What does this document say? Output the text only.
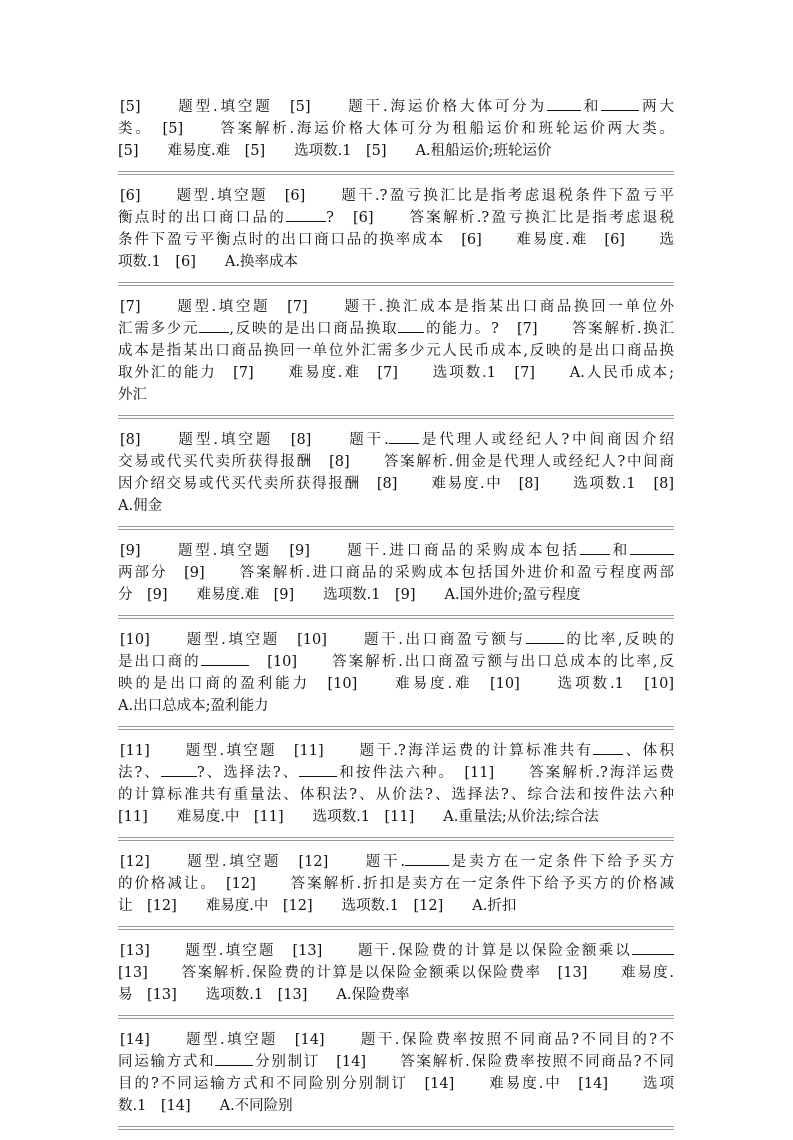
[5]　　题型.填空题　[5]　　题干.海运价格大体可分为 和	两大
类。　[5]　　答案解析.海运价格大体可分为租船运价和班轮运价两大类。
[5]　　难易度.难　[5]　　选项数.1　[5]　　A.租船运价;班轮运价
[6]　　题型.填空题　[6]　　题干.?盈亏换汇比是指考虑退税条件下盈亏平
衡点时的出口商口品的	?　[6]　　答案解析.?盈亏换汇比是指考虑退税
条件下盈亏平衡点时的出口商口品的换率成本　[6]　　难易度.难　[6]　　选
项数.1　[6]　　A.换率成本
[7]　　题型.填空题　[7]　　题干.换汇成本是指某出口商品换回一单位外
汇需多少元 ,反映的是出口商品换取 的能力。?　[7]　　答案解析.换汇
成本是指某出口商品换回一单位外汇需多少元人民币成本,反映的是出口商品换
取外汇的能力　[7]　　难易度.难　[7]　　选项数.1　[7]　　A.人民币成本;
外汇
[8]　　题型.填空题　[8]　　题干. 是代理人或经纪人?中间商因介绍
交易或代买代卖所获得报酬　[8]　　答案解析.佣金是代理人或经纪人?中间商
因介绍交易或代买代卖所获得报酬　[8]　　难易度.中　[8]　　选项数.1　[8]
A.佣金
[9]　　题型.填空题　[9]　　题干.进口商品的采购成本包括 和
两部分　[9]　　答案解析.进口商品的采购成本包括国外进价和盈亏程度两部
分　[9]　　难易度.难　[9]　　选项数.1　[9]　　A.国外进价;盈亏程度
[10]　　题型.填空题　[10]　　题干.出口商盈亏额与	的比率,反映的
是出口商的	　[10]　　答案解析.出口商盈亏额与出口总成本的比率,反
映的是出口商的盈利能力　[10]　　难易度.难　[10]　　选项数.1　[10]
A.出口总成本;盈利能力
[11]　　题型.填空题　[11]　　题干.?海洋运费的计算标准共有 、体积
法?、 ?、选择法?、	和按件法六种。　[11]　　答案解析.?海洋运费
的计算标准共有重量法、体积法?、从价法?、选择法?、综合法和按件法六种
[11]　　难易度.中　[11]　　选项数.1　[11]　　A.重量法;从价法;综合法
[12]　　题型.填空题　[12]　　题干.	是卖方在一定条件下给予买方
的价格减让。　[12]　　答案解析.折扣是卖方在一定条件下给予买方的价格减
让　[12]　　难易度.中　[12]　　选项数.1　[12]　　A.折扣
[13]　　题型.填空题　[13]　　题干.保险费的计算是以保险金额乘以
[13]　　答案解析.保险费的计算是以保险金额乘以保险费率　[13]　　难易度.
易　[13]　　选项数.1　[13]　　A.保险费率
[14]　　题型.填空题　[14]　　题干.保险费率按照不同商品?不同目的?不
同运输方式和	分别制订　[14]　　答案解析.保险费率按照不同商品?不同
目的?不同运输方式和不同险别分别制订　[14]　　难易度.中　[14]　　选项
数.1　[14]　　A.不同险别
